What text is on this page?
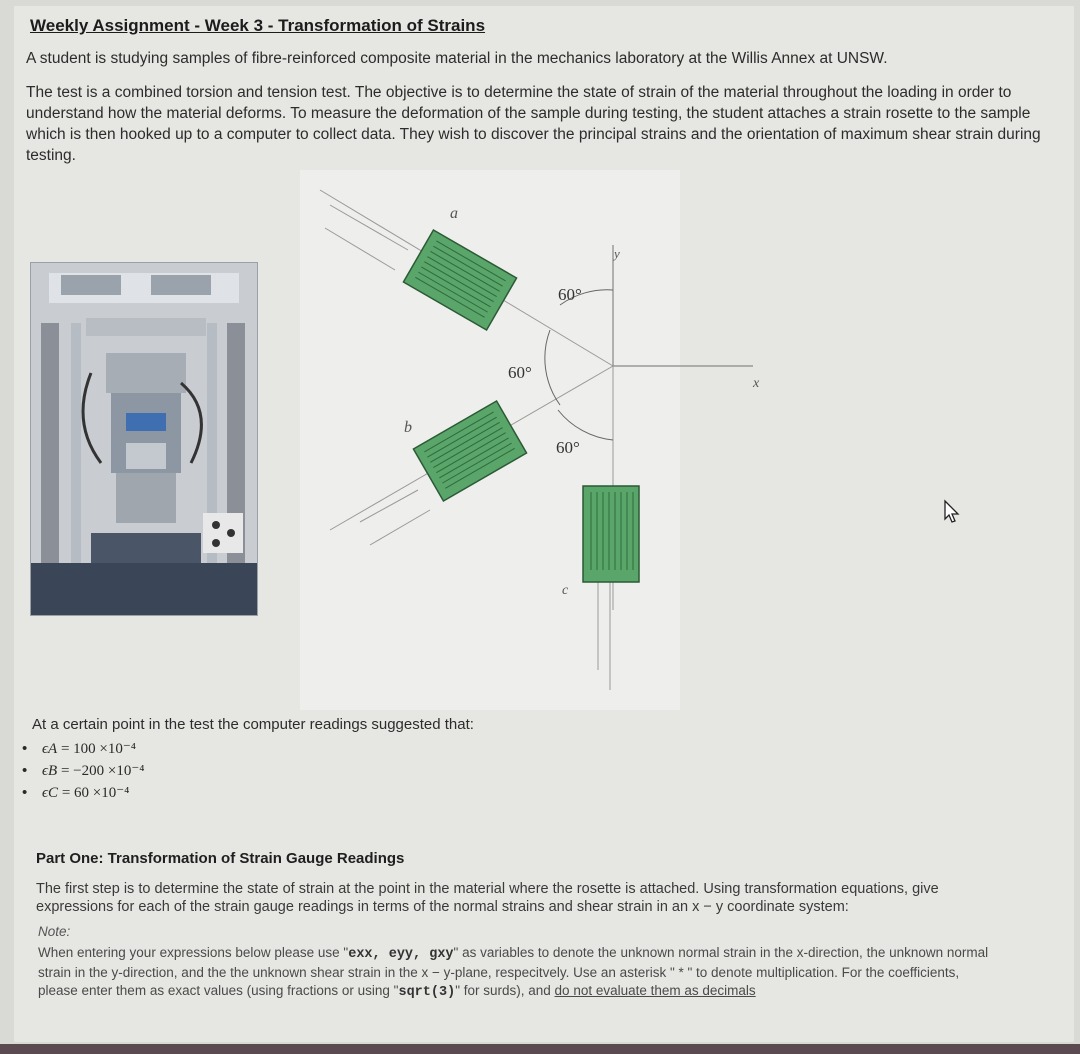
Weekly Assignment - Week 3 - Transformation of Strains
A student is studying samples of fibre-reinforced composite material in the mechanics laboratory at the Willis Annex at UNSW.
The test is a combined torsion and tension test. The objective is to determine the state of strain of the material throughout the loading in order to understand how the material deforms. To measure the deformation of the sample during testing, the student attaches a strain rosette to the sample which is then hooked up to a computer to collect data. They wish to discover the principal strains and the orientation of maximum shear strain during testing.
x
y
60°
60°
60°
a
b
c
At a certain point in the test the computer readings suggested that:
• ϵA = 100 ×10⁻⁴
• ϵB = −200 ×10⁻⁴
• ϵC = 60 ×10⁻⁴
Part One: Transformation of Strain Gauge Readings
The first step is to determine the state of strain at the point in the material where the rosette is attached. Using transformation equations, give expressions for each of the strain gauge readings in terms of the normal strains and shear strain in an x − y coordinate system:
Note:
When entering your expressions below please use "exx, eyy, gxy" as variables to denote the unknown normal strain in the x-direction, the unknown normal strain in the y-direction, and the the unknown shear strain in the x − y-plane, respecitvely. Use an asterisk " * " to denote multiplication. For the coefficients, please enter them as exact values (using fractions or using "sqrt(3)" for surds), and do not evaluate them as decimals
